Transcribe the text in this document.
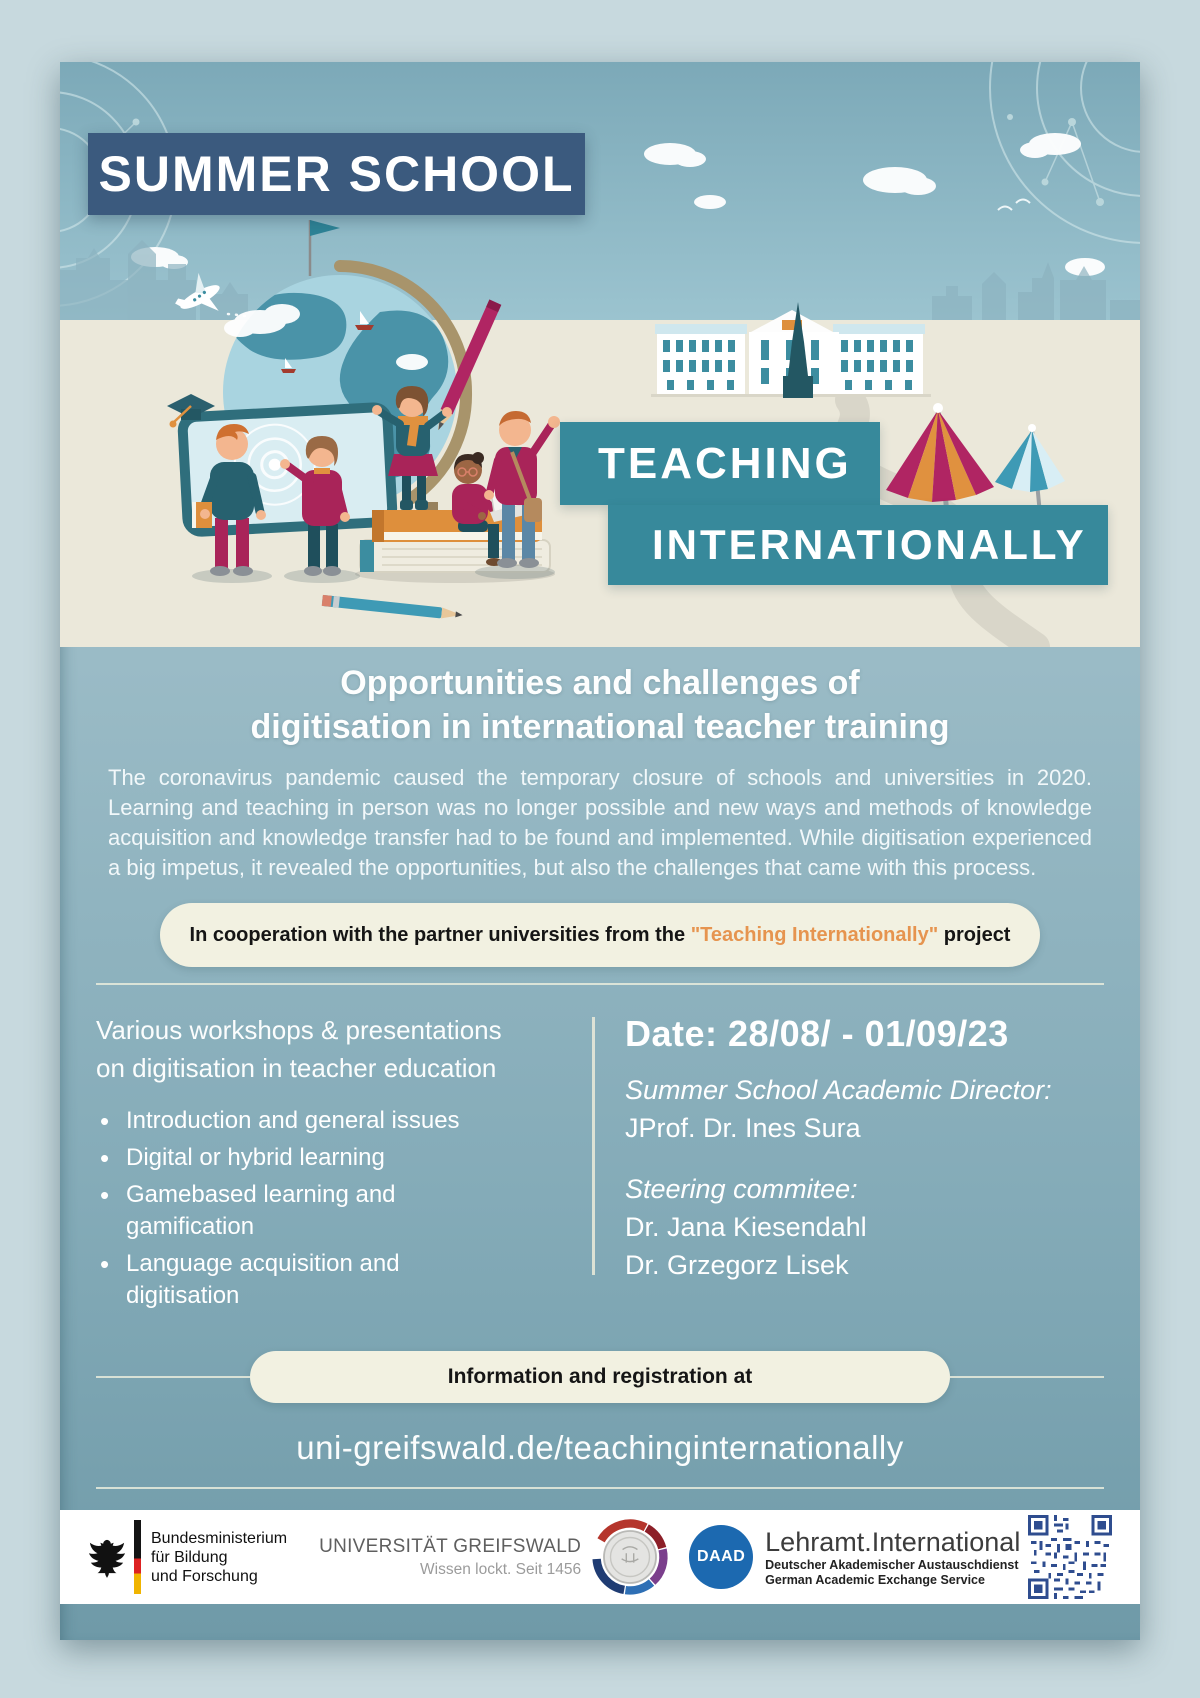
SUMMER SCHOOL
TEACHING
INTERNATIONALLY
Opportunities and challenges of
digitisation in international teacher training

The coronavirus pandemic caused the temporary closure of schools and universities in 2020. Learning and teaching in person was no longer possible and new ways and methods of knowledge acquisition and knowledge transfer had to be found and implemented. While digitisation experienced a big impetus, it revealed the opportunities, but also the challenges that came with this process.

In cooperation with the partner universities from the "Teaching Internationally" project
Various workshops & presentations
on digitisation in teacher education
• Introduction and general issues
• Digital or hybrid learning
• Gamebased learning and gamification
• Language acquisition and digitisation
Date: 28/08/ - 01/09/23
Summer School Academic Director:
JProf. Dr. Ines Sura
Steering commitee:
Dr. Jana Kiesendahl
Dr. Grzegorz Lisek
Information and registration at
uni-greifswald.de/teachinginternationally
Bundesministerium
für Bildung
und Forschung
UNIVERSITÄT GREIFSWALD
Wissen lockt. Seit 1456
DAAD Lehramt.International
Deutscher Akademischer Austauschdienst
German Academic Exchange Service
